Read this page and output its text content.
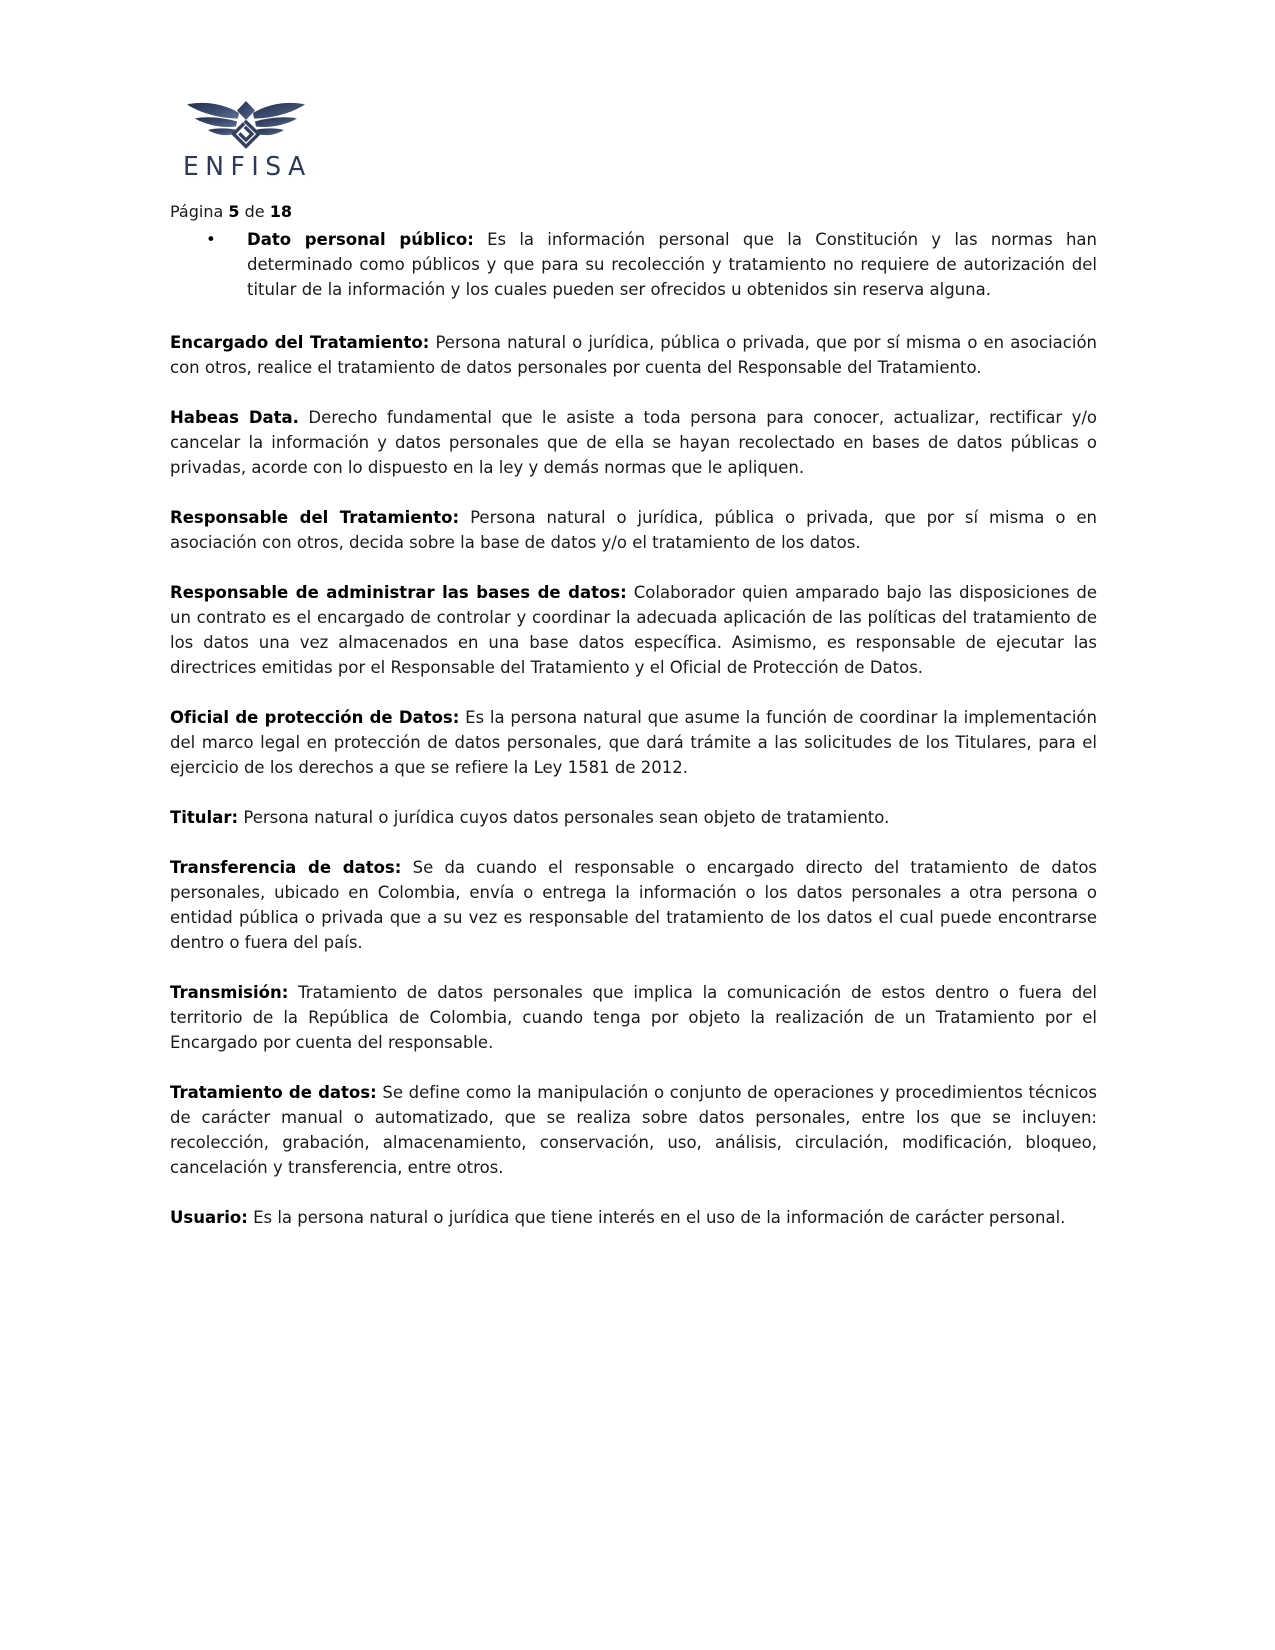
ENFISA
Página 5 de 18
•	Dato personal público: Es la información personal que la Constitución y las normas han determinado como públicos y que para su recolección y tratamiento no requiere de autorización del titular de la información y los cuales pueden ser ofrecidos u obtenidos sin reserva alguna.

Encargado del Tratamiento: Persona natural o jurídica, pública o privada, que por sí misma o en asociación con otros, realice el tratamiento de datos personales por cuenta del Responsable del Tratamiento.

Habeas Data. Derecho fundamental que le asiste a toda persona para conocer, actualizar, rectificar y/o cancelar la información y datos personales que de ella se hayan recolectado en bases de datos públicas o privadas, acorde con lo dispuesto en la ley y demás normas que le apliquen.

Responsable del Tratamiento: Persona natural o jurídica, pública o privada, que por sí misma o en asociación con otros, decida sobre la base de datos y/o el tratamiento de los datos.

Responsable de administrar las bases de datos: Colaborador quien amparado bajo las disposiciones de un contrato es el encargado de controlar y coordinar la adecuada aplicación de las políticas del tratamiento de los datos una vez almacenados en una base datos específica. Asimismo, es responsable de ejecutar las directrices emitidas por el Responsable del Tratamiento y el Oficial de Protección de Datos.

Oficial de protección de Datos: Es la persona natural que asume la función de coordinar la implementación del marco legal en protección de datos personales, que dará trámite a las solicitudes de los Titulares, para el ejercicio de los derechos a que se refiere la Ley 1581 de 2012.

Titular: Persona natural o jurídica cuyos datos personales sean objeto de tratamiento.

Transferencia de datos: Se da cuando el responsable o encargado directo del tratamiento de datos personales, ubicado en Colombia, envía o entrega la información o los datos personales a otra persona o entidad pública o privada que a su vez es responsable del tratamiento de los datos el cual puede encontrarse dentro o fuera del país.

Transmisión: Tratamiento de datos personales que implica la comunicación de estos dentro o fuera del territorio de la República de Colombia, cuando tenga por objeto la realización de un Tratamiento por el Encargado por cuenta del responsable.

Tratamiento de datos: Se define como la manipulación o conjunto de operaciones y procedimientos técnicos de carácter manual o automatizado, que se realiza sobre datos personales, entre los que se incluyen: recolección, grabación, almacenamiento, conservación, uso, análisis, circulación, modificación, bloqueo, cancelación y transferencia, entre otros.

Usuario: Es la persona natural o jurídica que tiene interés en el uso de la información de carácter personal.
